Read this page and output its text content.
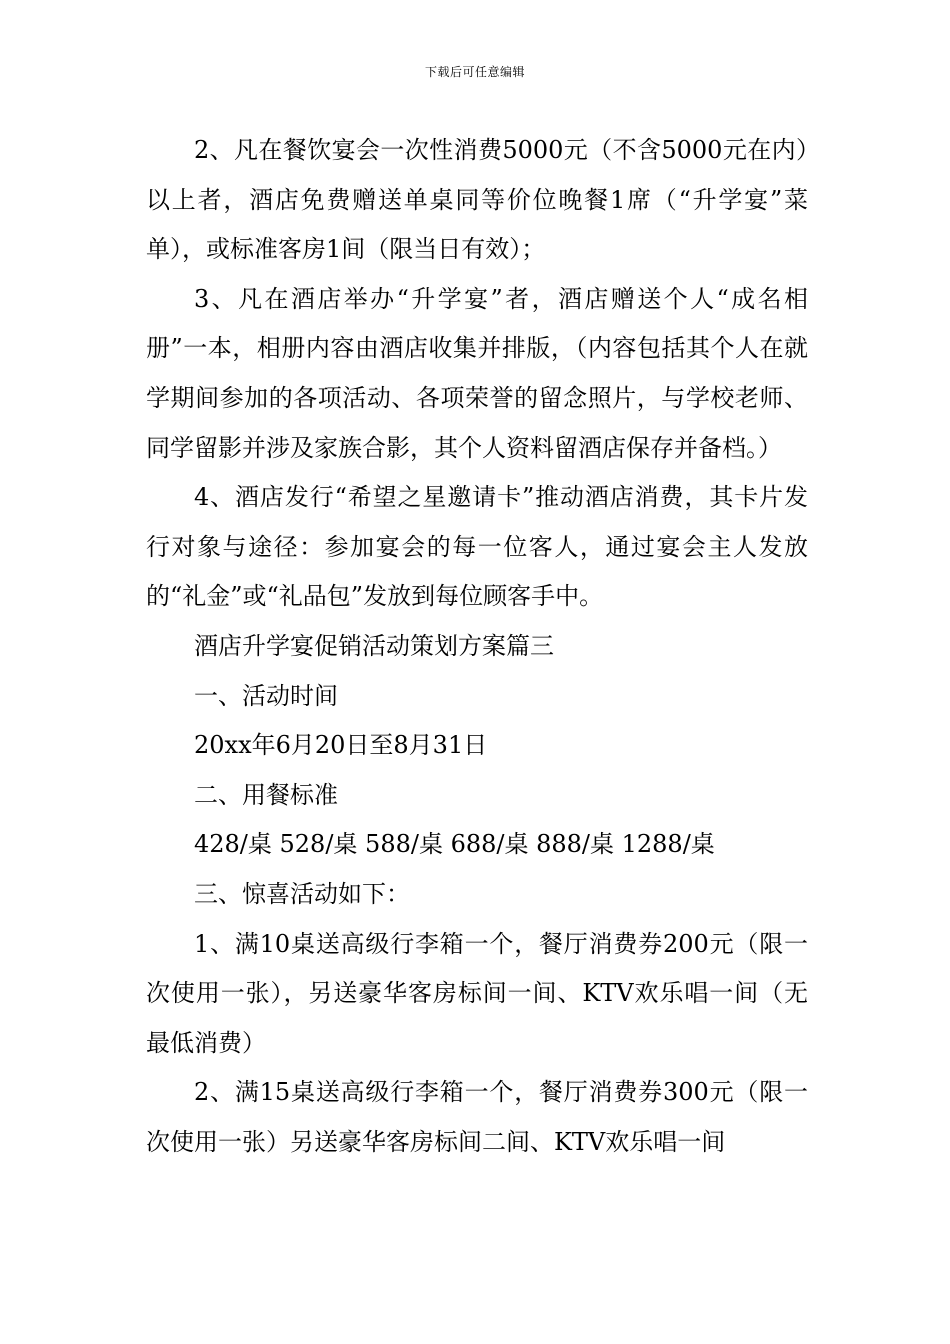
下载后可任意编辑

2、凡在餐饮宴会一次性消费5000元（不含5000元在内）以上者，酒店免费赠送单桌同等价位晚餐1席（“升学宴”菜单），或标准客房1间（限当日有效）；

3、凡在酒店举办“升学宴”者，酒店赠送个人“成名相册”一本，相册内容由酒店收集并排版，（内容包括其个人在就学期间参加的各项活动、各项荣誉的留念照片，与学校老师、同学留影并涉及家族合影，其个人资料留酒店保存并备档。）

4、酒店发行“希望之星邀请卡”推动酒店消费，其卡片发行对象与途径：参加宴会的每一位客人，通过宴会主人发放的“礼金”或“礼品包”发放到每位顾客手中。

酒店升学宴促销活动策划方案篇三

一、活动时间

20xx年6月20日至8月31日

二、用餐标准

428/桌 528/桌 588/桌 688/桌 888/桌 1288/桌

三、惊喜活动如下：

1、满10桌送高级行李箱一个，餐厅消费券200元（限一次使用一张），另送豪华客房标间一间、KTV欢乐唱一间（无最低消费）

2、满15桌送高级行李箱一个，餐厅消费券300元（限一次使用一张）另送豪华客房标间二间、KTV欢乐唱一间
